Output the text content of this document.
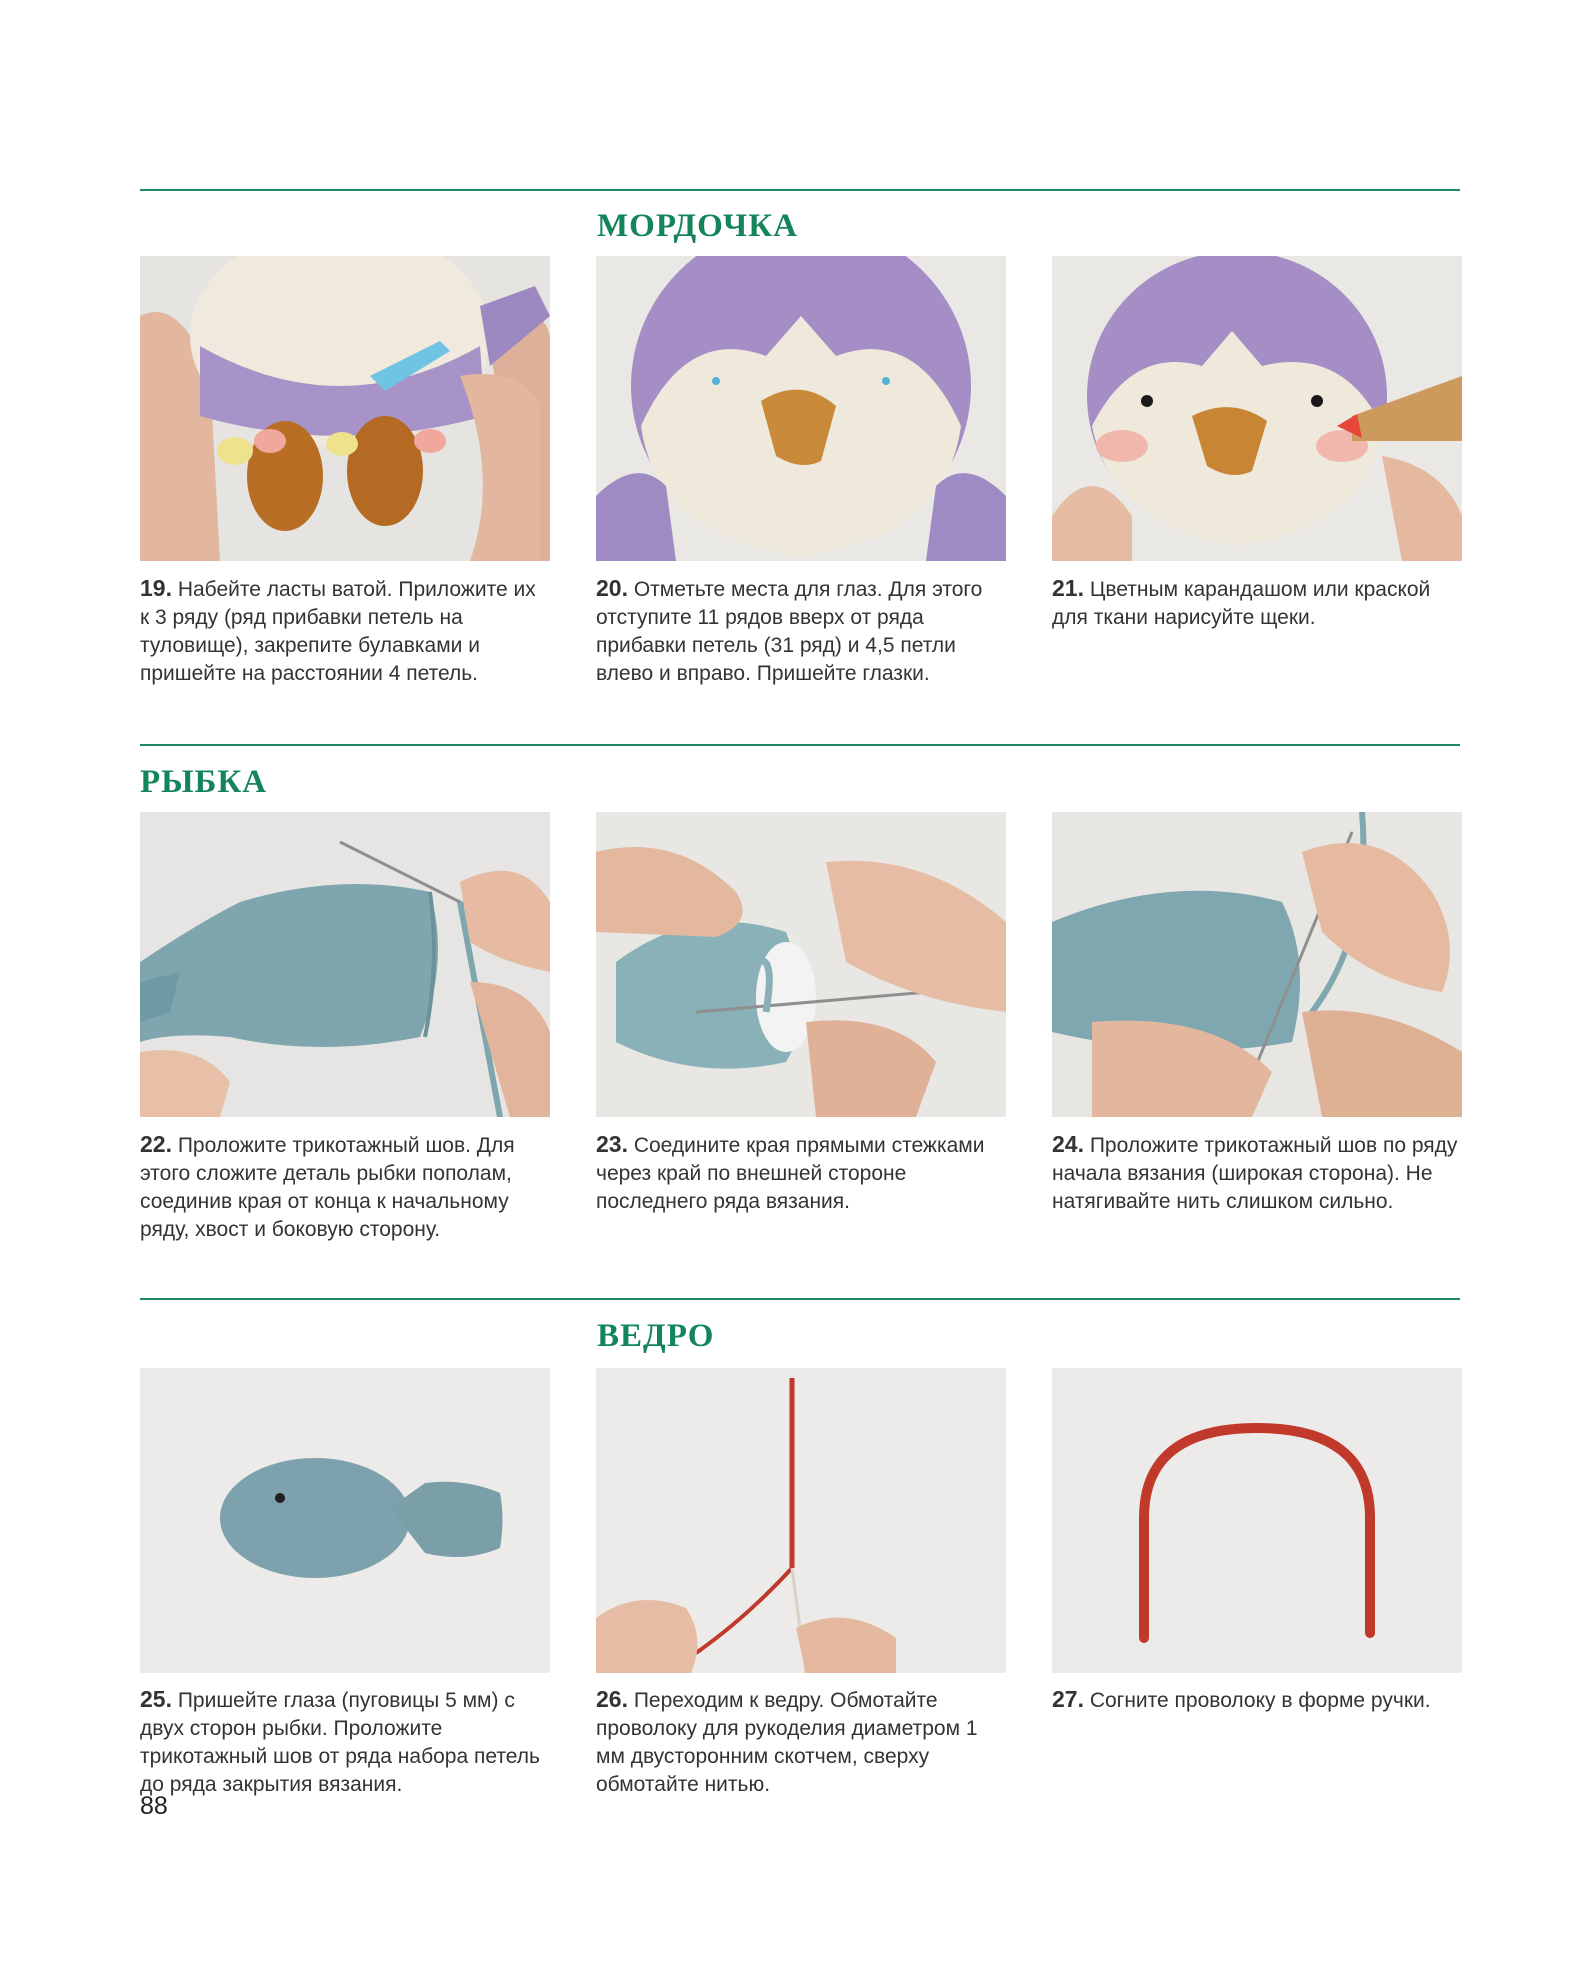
МОРДОЧКА

19. Набейте ласты ватой. Приложите их к 3 ряду (ряд прибавки петель на туловище), закрепите булавками и пришейте на расстоянии 4 петель.

20. Отметьте места для глаз. Для этого отступите 11 рядов вверх от ряда прибавки петель (31 ряд) и 4,5 петли влево и вправо. Пришейте глазки.

21. Цветным карандашом или краской для ткани нарисуйте щеки.

РЫБКА

22. Проложите трикотажный шов. Для этого сложите деталь рыбки пополам, соединив края от конца к начальному ряду, хвост и боковую сторону.

23. Соедините края прямыми стежками через край по внешней стороне последнего ряда вязания.

24. Проложите трикотажный шов по ряду начала вязания (широкая сторона). Не натягивайте нить слишком сильно.

ВЕДРО

25. Пришейте глаза (пуговицы 5 мм) с двух сторон рыбки. Проложите трикотажный шов от ряда набора петель до ряда закрытия вязания.

26. Переходим к ведру. Обмотайте проволоку для рукоделия диаметром 1 мм двусторонним скотчем, сверху обмотайте нитью.

27. Согните проволоку в форме ручки.

88
